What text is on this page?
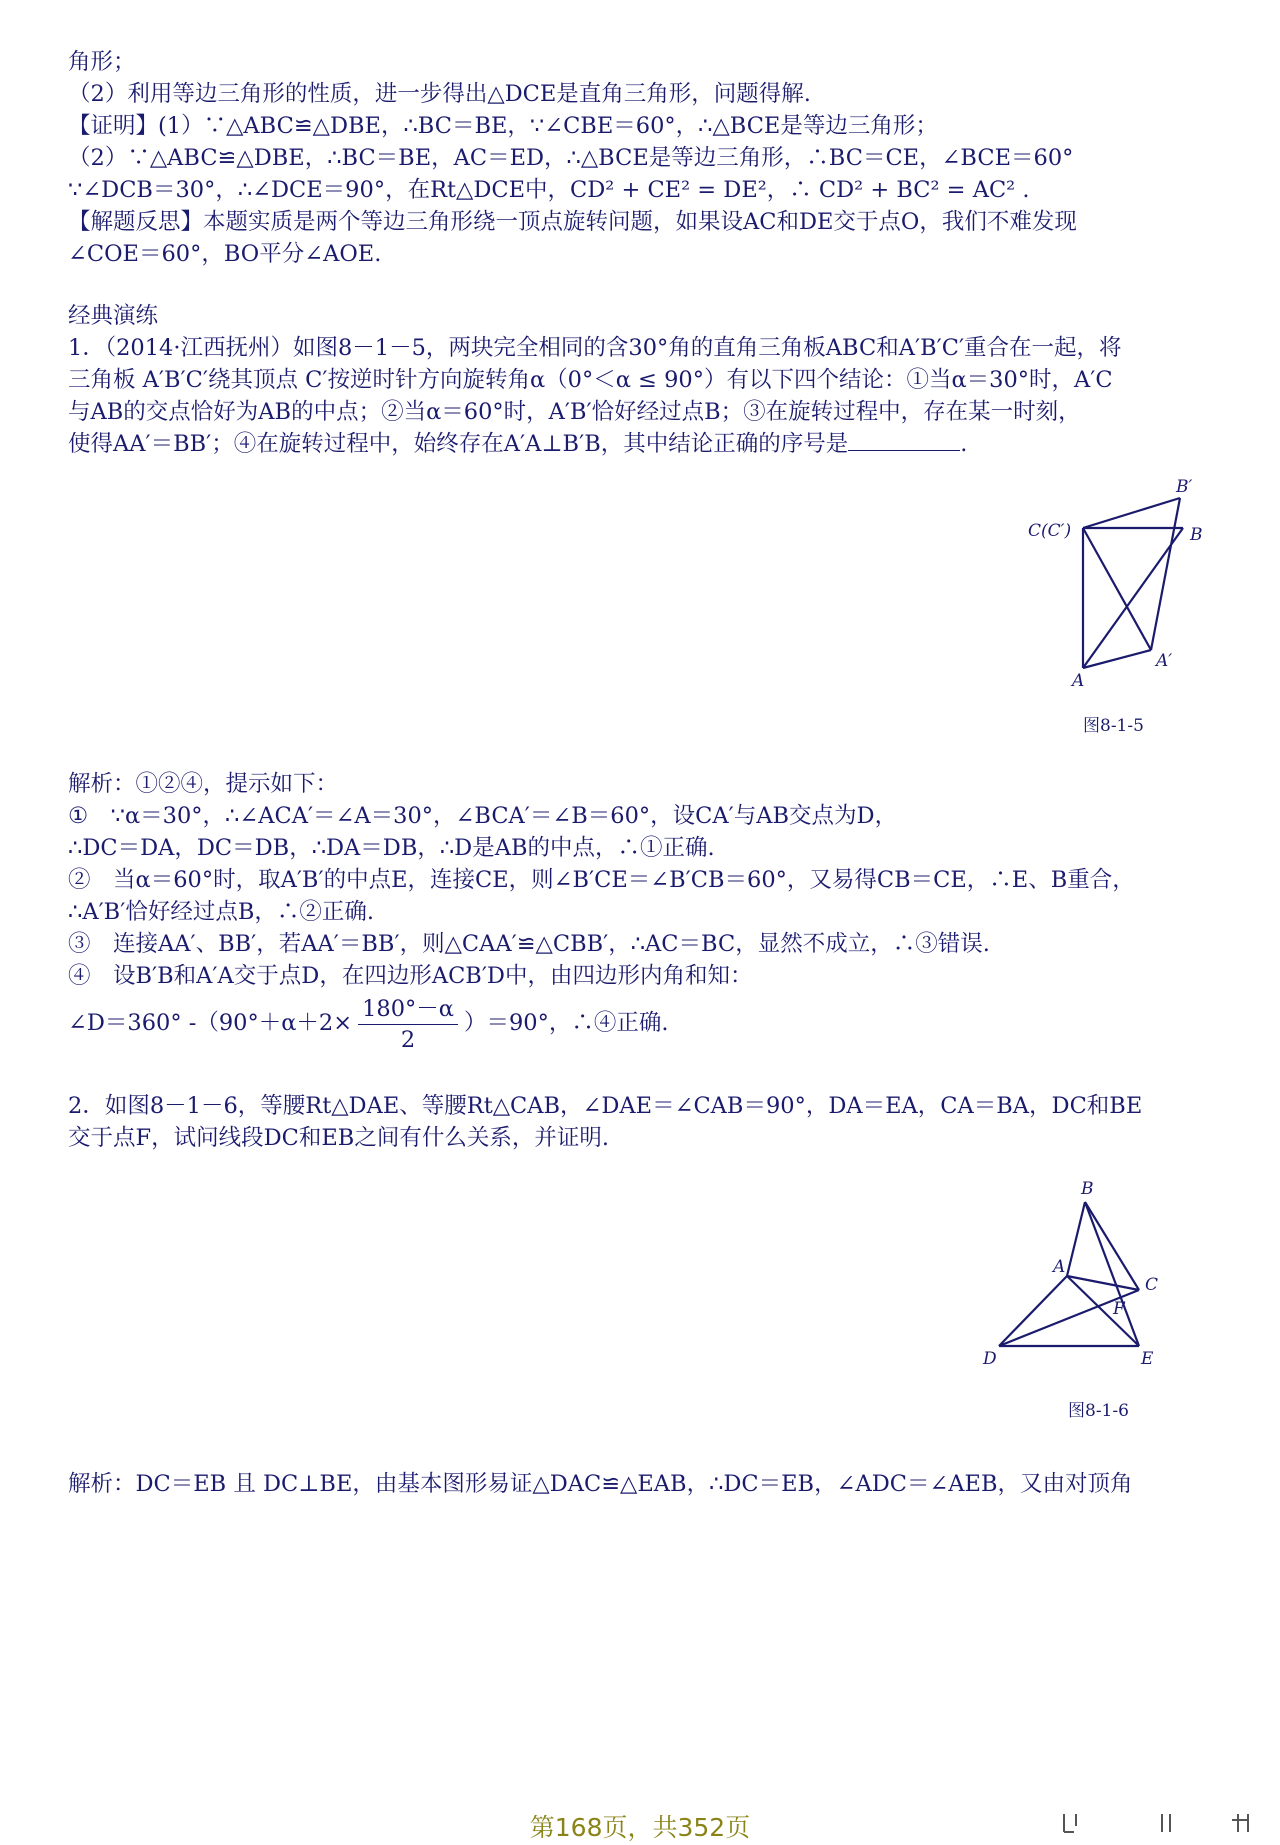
角形；
（2）利用等边三角形的性质，进一步得出△DCE是直角三角形，问题得解.
【证明】(1）∵△ABC≌△DBE，∴BC＝BE，∵∠CBE＝60°，∴△BCE是等边三角形；
（2）∵△ABC≌△DBE，∴BC＝BE，AC＝ED，∴△BCE是等边三角形，∴BC＝CE，∠BCE＝60°
∵∠DCB＝30°，∴∠DCE＝90°，在Rt△DCE中，CD² + CE² = DE²，∴ CD² + BC² = AC² .
【解题反思】本题实质是两个等边三角形绕一顶点旋转问题，如果设AC和DE交于点O，我们不难发现
∠COE＝60°，BO平分∠AOE.
经典演练
1．（2014·江西抚州）如图8－1－5，两块完全相同的含30°角的直角三角板ABC和A′B′C′重合在一起，将
三角板 A′B′C′绕其顶点 C′按逆时针方向旋转角α（0°＜α ≤ 90°）有以下四个结论：①当α＝30°时，A′C
与AB的交点恰好为AB的中点；②当α＝60°时，A′B′恰好经过点B；③在旋转过程中，存在某一时刻，
使得AA′＝BB′；④在旋转过程中，始终存在A′A⊥B′B，其中结论正确的序号是	.
B′
C(C′)	B
A
A′
图8-1-5
解析：①②④，提示如下：
①　∵α＝30°，∴∠ACA′＝∠A＝30°，∠BCA′＝∠B＝60°，设CA′与AB交点为D，
∴DC＝DA，DC＝DB，∴DA＝DB，∴D是AB的中点，∴①正确.
②　当α＝60°时，取A′B′的中点E，连接CE，则∠B′CE＝∠B′CB＝60°，又易得CB＝CE，∴E、B重合，
∴A′B′恰好经过点B，∴②正确.
③　连接AA′、BB′，若AA′＝BB′，则△CAA′≌△CBB′，∴AC＝BC，显然不成立，∴③错误.
④　设B′B和A′A交于点D，在四边形ACB′D中，由四边形内角和知：
∠D＝360° $-(90^\circ+\alpha+2\times \frac{180^\circ-\alpha}{2} )=90^\circ$，∴④正确.
2．如图8－1－6，等腰Rt△DAE、等腰Rt△CAB，∠DAE＝∠CAB＝90°，DA＝EA，CA＝BA，DC和BE
交于点F，试问线段DC和EB之间有什么关系，并证明.
B
A
C
F
D	E
图8-1-6
解析：DC＝EB 且 DC⊥BE，由基本图形易证△DAC≌△EAB，∴DC＝EB，∠ADC＝∠AEB，又由对顶角
第168页，共352页
